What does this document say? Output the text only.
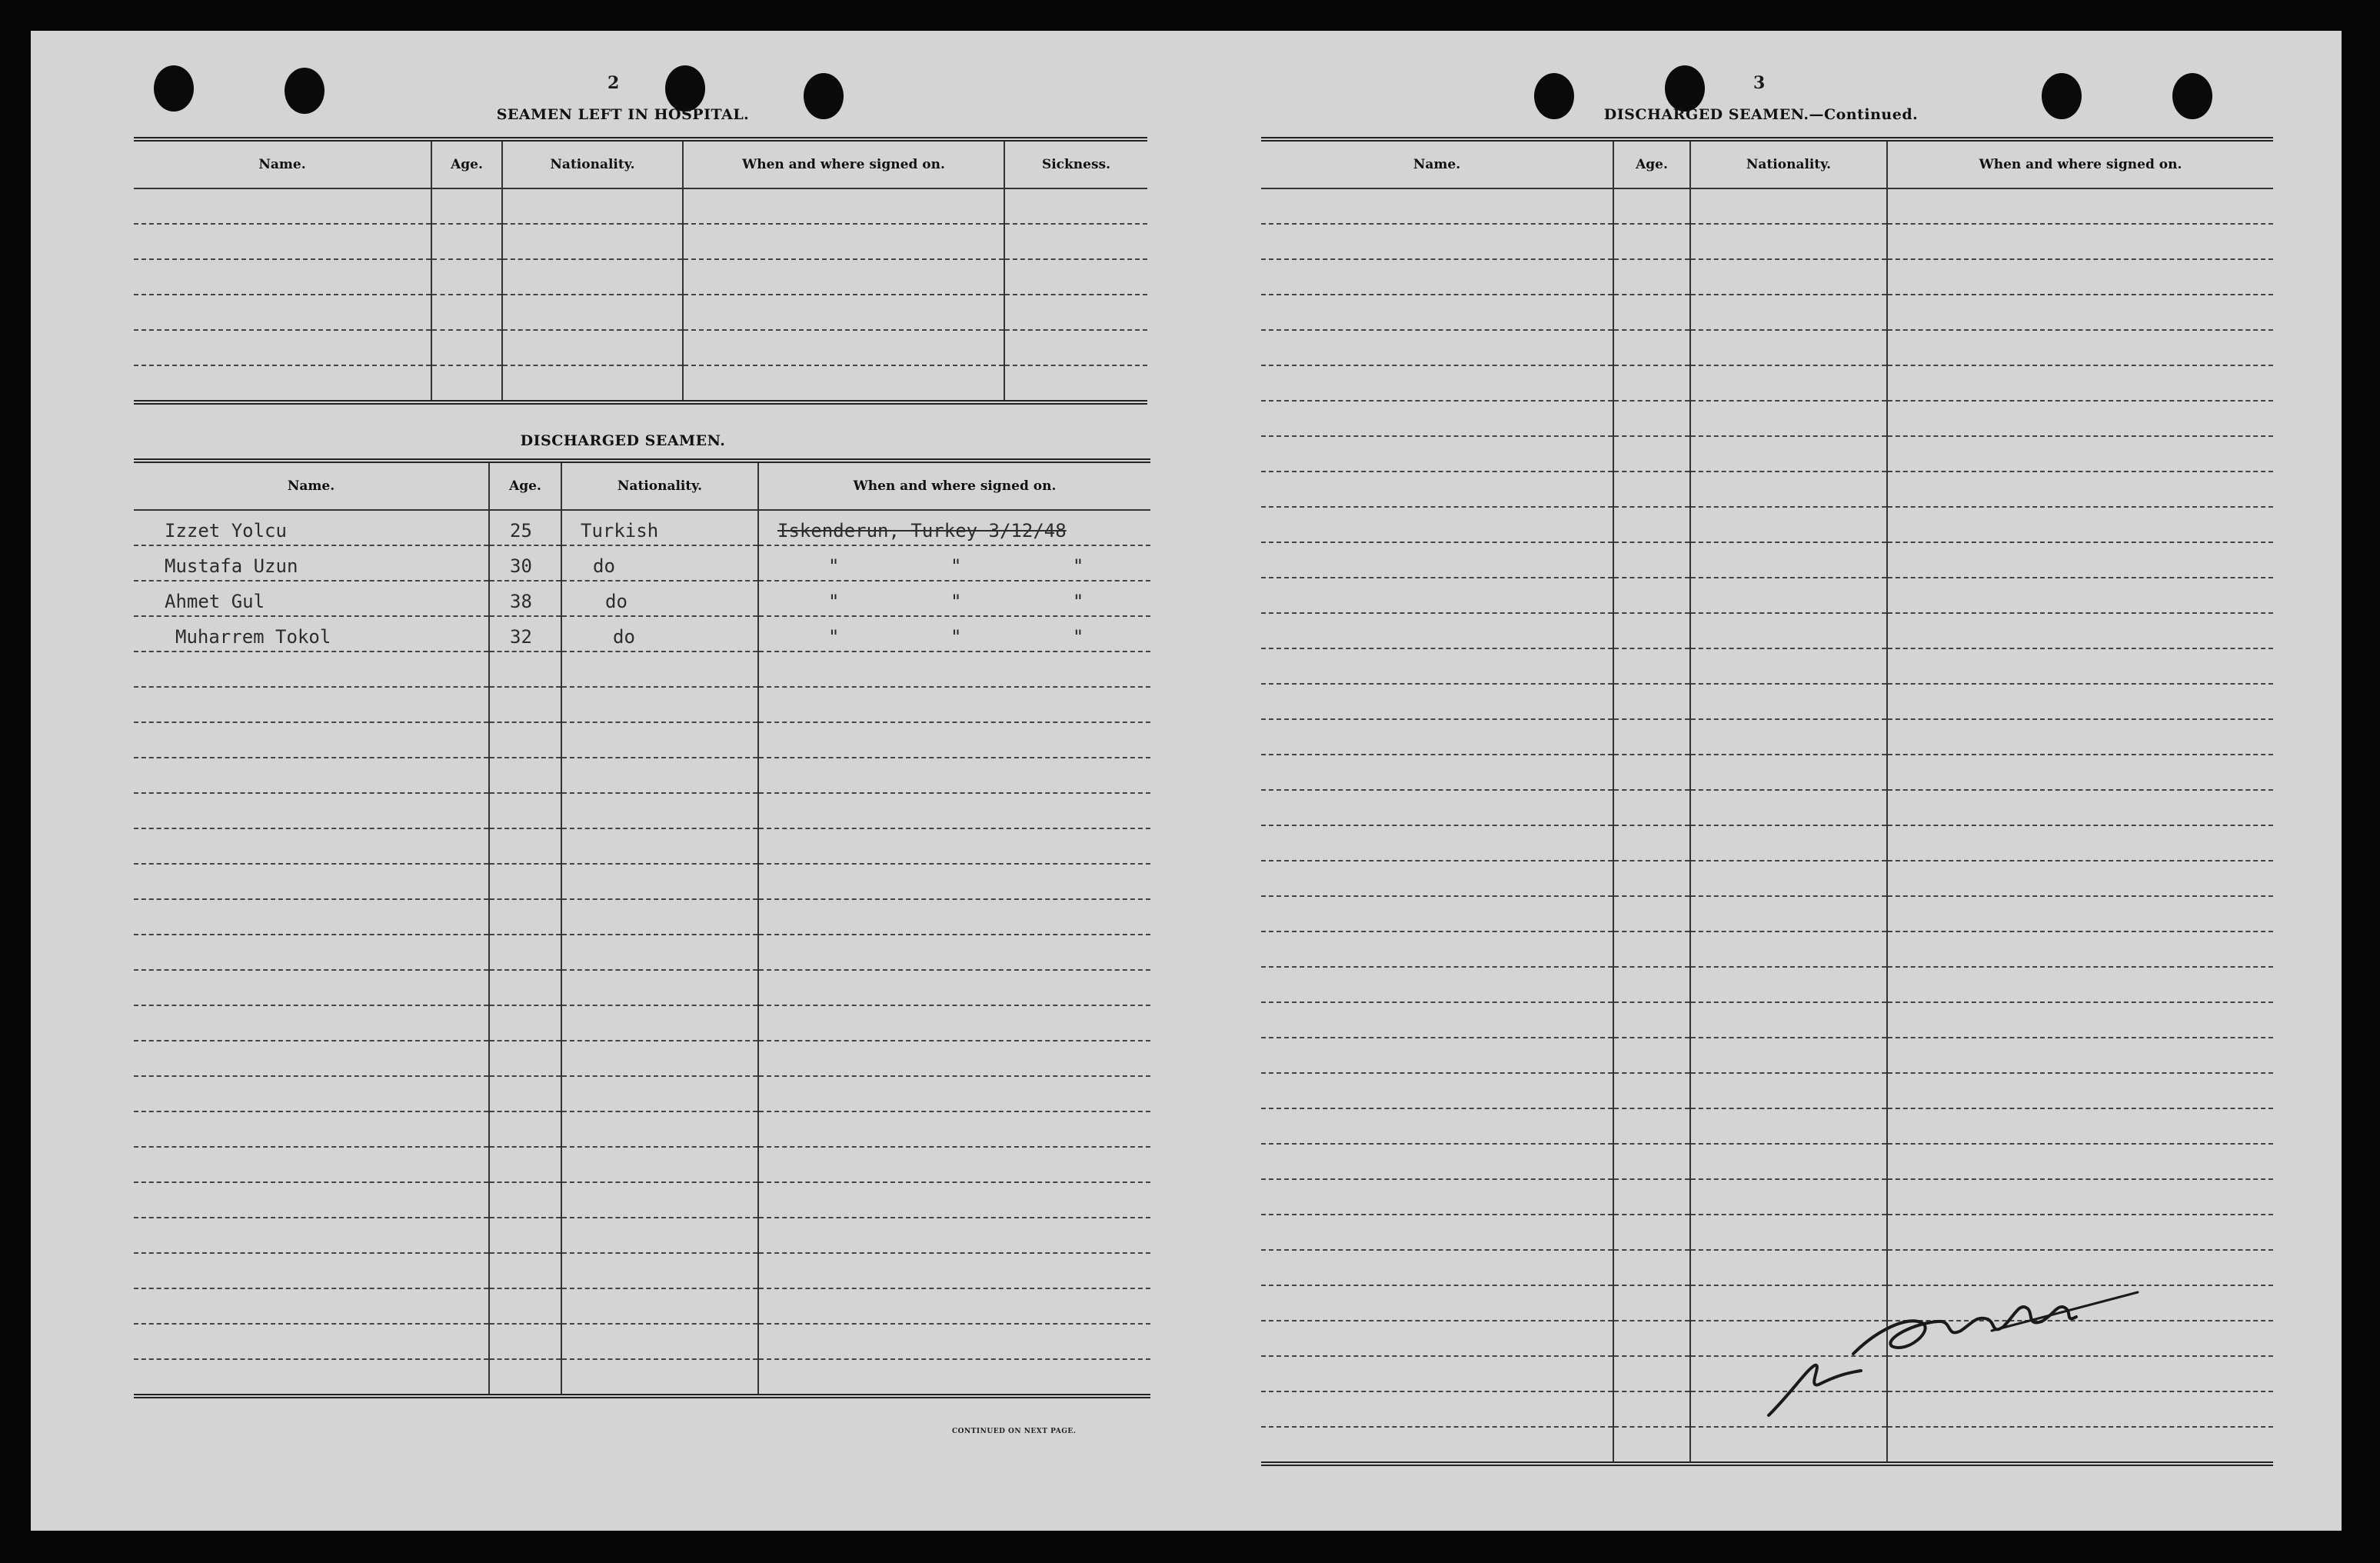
2
SEAMEN LEFT IN HOSPITAL.
Name.	Age.	Nationality.	When and where signed on.	Sickness.

DISCHARGED SEAMEN.
Name.	Age.	Nationality.	When and where signed on.
Izzet Yolcu	25	Turkish	Iskenderun, Turkey 3/12/48
Mustafa Uzun	30	do	"          "          "
Ahmet Gul	38	do	"          "          "
Muharrem Tokol	32	do	"          "          "

CONTINUED ON NEXT PAGE.
3
DISCHARGED SEAMEN.—Continued.
Name.	Age.	Nationality.	When and where signed on.
